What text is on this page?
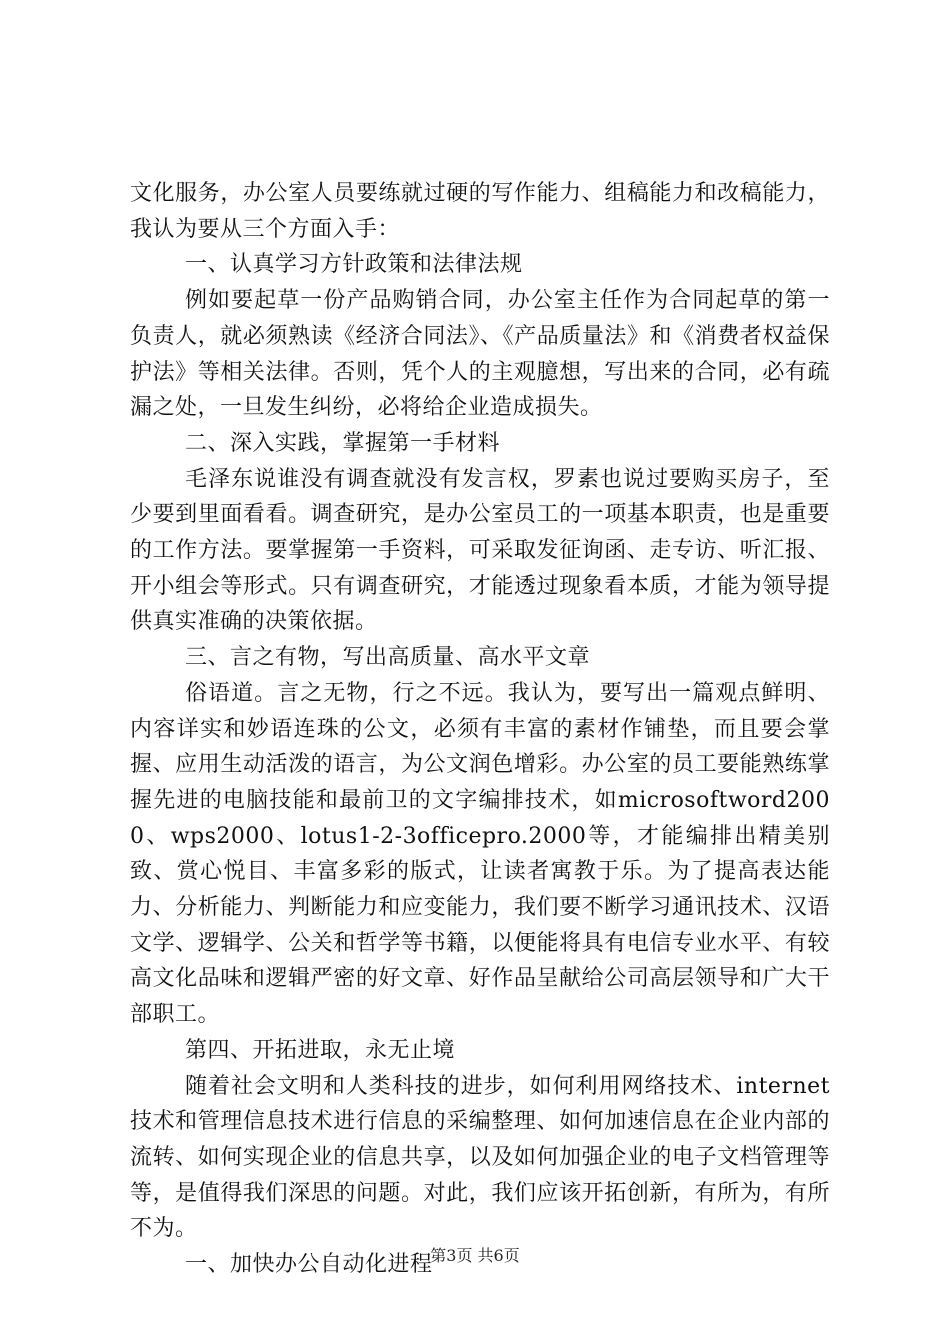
文化服务，办公室人员要练就过硬的写作能力、组稿能力和改稿能力，我认为要从三个方面入手：

一、认真学习方针政策和法律法规

例如要起草一份产品购销合同，办公室主任作为合同起草的第一负责人，就必须熟读《经济合同法》、《产品质量法》和《消费者权益保护法》等相关法律。否则，凭个人的主观臆想，写出来的合同，必有疏漏之处，一旦发生纠纷，必将给企业造成损失。

二、深入实践，掌握第一手材料

毛泽东说谁没有调查就没有发言权，罗素也说过要购买房子，至少要到里面看看。调查研究，是办公室员工的一项基本职责，也是重要的工作方法。要掌握第一手资料，可采取发征询函、走专访、听汇报、开小组会等形式。只有调查研究，才能透过现象看本质，才能为领导提供真实准确的决策依据。

三、言之有物，写出高质量、高水平文章

俗语道。言之无物，行之不远。我认为，要写出一篇观点鲜明、内容详实和妙语连珠的公文，必须有丰富的素材作铺垫，而且要会掌握、应用生动活泼的语言，为公文润色增彩。办公室的员工要能熟练掌握先进的电脑技能和最前卫的文字编排技术，如microsoftword2000、wps2000、lotus1-2-3officepro.2000等，才能编排出精美别致、赏心悦目、丰富多彩的版式，让读者寓教于乐。为了提高表达能力、分析能力、判断能力和应变能力，我们要不断学习通讯技术、汉语文学、逻辑学、公关和哲学等书籍，以便能将具有电信专业水平、有较高文化品味和逻辑严密的好文章、好作品呈献给公司高层领导和广大干部职工。

第四、开拓进取，永无止境

随着社会文明和人类科技的进步，如何利用网络技术、internet技术和管理信息技术进行信息的采编整理、如何加速信息在企业内部的流转、如何实现企业的信息共享，以及如何加强企业的电子文档管理等等，是值得我们深思的问题。对此，我们应该开拓创新，有所为，有所不为。

一、加快办公自动化进程

第3页 共6页
